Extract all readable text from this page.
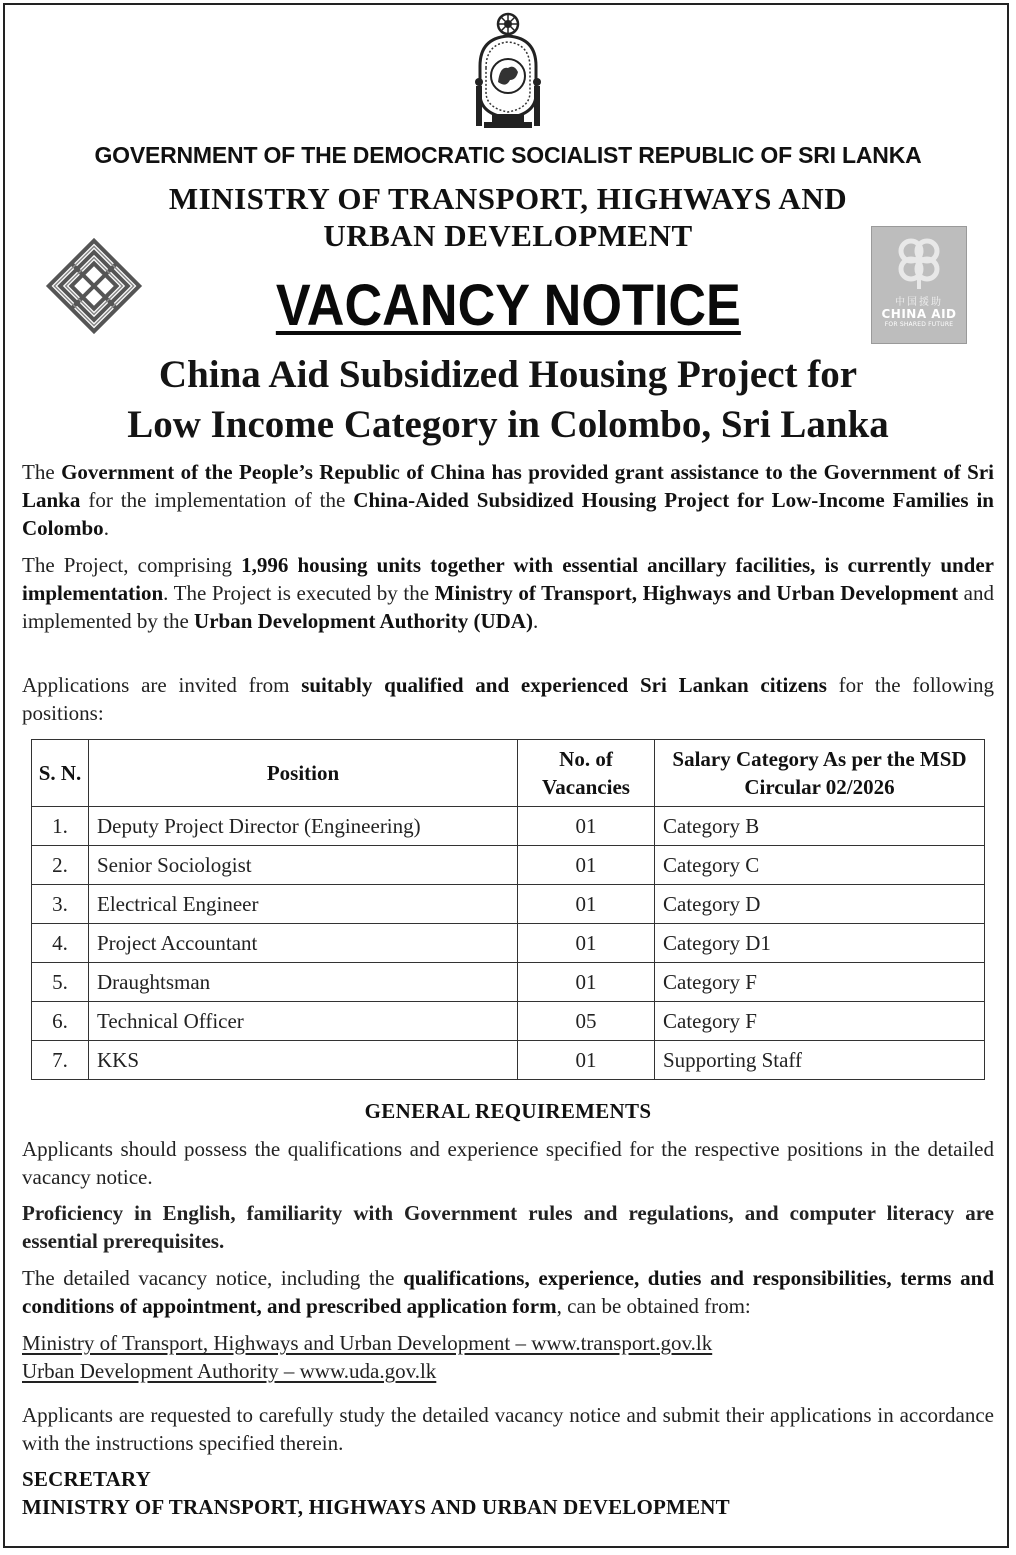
中国援助
CHINA AID
FOR SHARED FUTURE
GOVERNMENT OF THE DEMOCRATIC SOCIALIST REPUBLIC OF SRI LANKA
MINISTRY OF TRANSPORT, HIGHWAYS AND
URBAN DEVELOPMENT
VACANCY NOTICE
China Aid Subsidized Housing Project for
Low Income Category in Colombo, Sri Lanka
The Government of the People’s Republic of China has provided grant assistance to the Government of Sri Lanka for the implementation of the China-Aided Subsidized Housing Project for Low-Income Families in Colombo.
The Project, comprising 1,996 housing units together with essential ancillary facilities, is currently under implementation. The Project is executed by the Ministry of Transport, Highways and Urban Development and implemented by the Urban Development Authority (UDA).
Applications are invited from suitably qualified and experienced Sri Lankan citizens for the following positions:
S. N.	Position	No. of Vacancies	Salary Category As per the MSD Circular 02/2026
1.	Deputy Project Director (Engineering)	01	Category B
2.	Senior Sociologist	01	Category C
3.	Electrical Engineer	01	Category D
4.	Project Accountant	01	Category D1
5.	Draughtsman	01	Category F
6.	Technical Officer	05	Category F
7.	KKS	01	Supporting Staff
GENERAL REQUIREMENTS
Applicants should possess the qualifications and experience specified for the respective positions in the detailed vacancy notice.
Proficiency in English, familiarity with Government rules and regulations, and computer literacy are essential prerequisites.
The detailed vacancy notice, including the qualifications, experience, duties and responsibilities, terms and conditions of appointment, and prescribed application form, can be obtained from:
Ministry of Transport, Highways and Urban Development – www.transport.gov.lk
Urban Development Authority – www.uda.gov.lk
Applicants are requested to carefully study the detailed vacancy notice and submit their applications in accordance with the instructions specified therein.
SECRETARY
MINISTRY OF TRANSPORT, HIGHWAYS AND URBAN DEVELOPMENT
